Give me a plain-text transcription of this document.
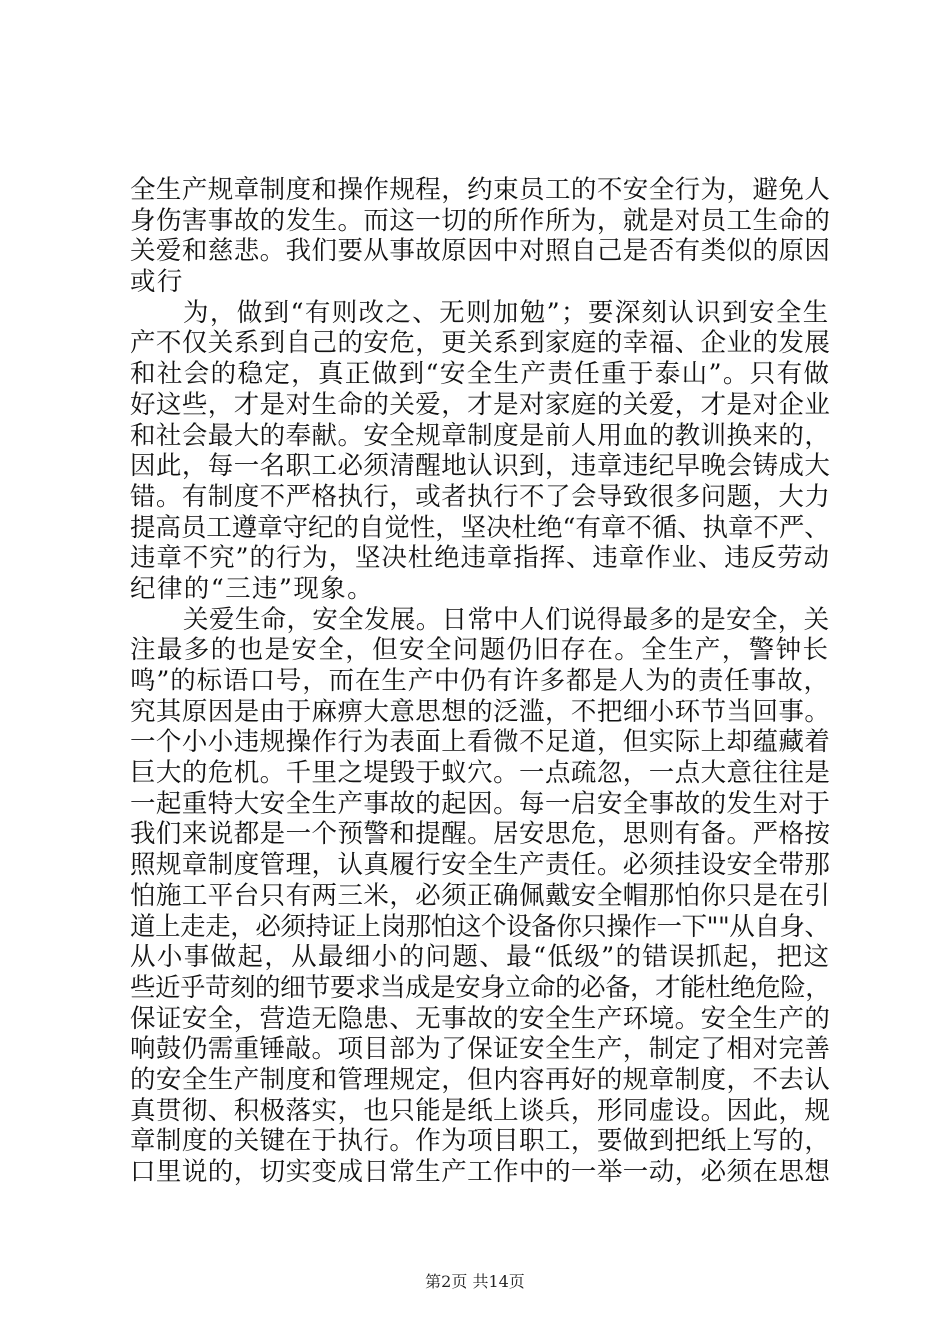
全生产规章制度和操作规程，约束员工的不安全行为，避免人
身伤害事故的发生。而这一切的所作所为，就是对员工生命的
关爱和慈悲。我们要从事故原因中对照自己是否有类似的原因
或行
为，做到“有则改之、无则加勉”；要深刻认识到安全生
产不仅关系到自己的安危，更关系到家庭的幸福、企业的发展
和社会的稳定，真正做到“安全生产责任重于泰山”。只有做
好这些，才是对生命的关爱，才是对家庭的关爱，才是对企业
和社会最大的奉献。安全规章制度是前人用血的教训换来的，
因此，每一名职工必须清醒地认识到，违章违纪早晚会铸成大
错。有制度不严格执行，或者执行不了会导致很多问题，大力
提高员工遵章守纪的自觉性，坚决杜绝“有章不循、执章不严、
违章不究”的行为，坚决杜绝违章指挥、违章作业、违反劳动
纪律的“三违”现象。
关爱生命，安全发展。日常中人们说得最多的是安全，关
注最多的也是安全，但安全问题仍旧存在。全生产，警钟长
鸣”的标语口号，而在生产中仍有许多都是人为的责任事故，
究其原因是由于麻痹大意思想的泛滥，不把细小环节当回事。
一个小小违规操作行为表面上看微不足道，但实际上却蕴藏着
巨大的危机。千里之堤毁于蚁穴。一点疏忽，一点大意往往是
一起重特大安全生产事故的起因。每一启安全事故的发生对于
我们来说都是一个预警和提醒。居安思危，思则有备。严格按
照规章制度管理，认真履行安全生产责任。必须挂设安全带那
怕施工平台只有两三米，必须正确佩戴安全帽那怕你只是在引
道上走走，必须持证上岗那怕这个设备你只操作一下""从自身、
从小事做起，从最细小的问题、最“低级”的错误抓起，把这
些近乎苛刻的细节要求当成是安身立命的必备，才能杜绝危险，
保证安全，营造无隐患、无事故的安全生产环境。安全生产的
响鼓仍需重锤敲。项目部为了保证安全生产，制定了相对完善
的安全生产制度和管理规定，但内容再好的规章制度，不去认
真贯彻、积极落实，也只能是纸上谈兵，形同虚设。因此，规
章制度的关键在于执行。作为项目职工，要做到把纸上写的，
口里说的，切实变成日常生产工作中的一举一动，必须在思想
第2页 共14页
